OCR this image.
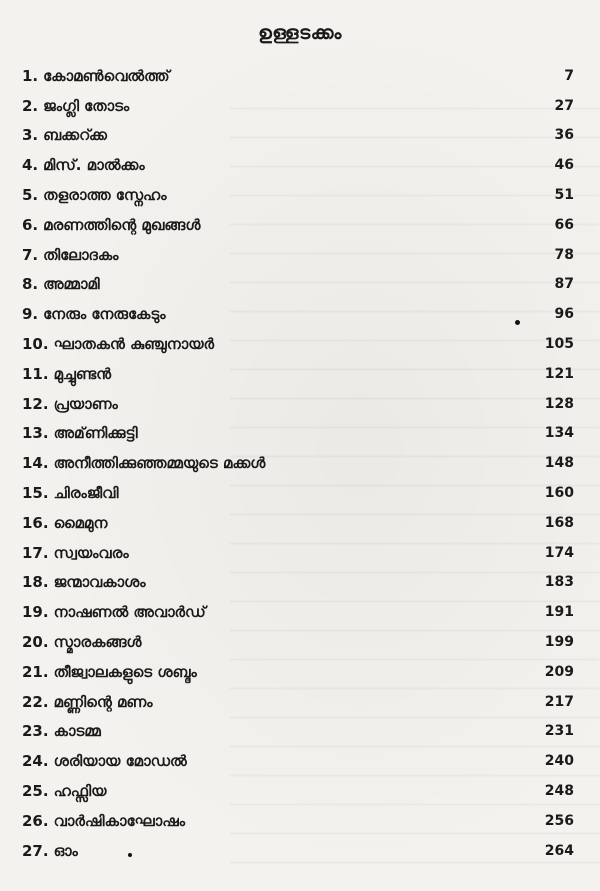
ഉള്ളടക്കം
1. കോമൺവെൽത്ത്	7
2. ജംഗ്ലി തോടം	27
3. ബക്കറ്ക്ക	36
4. മിസ്. മാൽക്കം	46
5. തളരാത്ത സ്നേഹം	51
6. മരണത്തിന്റെ മുഖങ്ങൾ	66
7. തിലോദകം	78
8. അമ്മാമി	87
9. നേരും നേരുകേടും	96
10. ഘാതകൻ കുഞ്ചുനായർ	105
11. മുച്ചുണ്ടൻ	121
12. പ്രയാണം	128
13. അമ്‌ണിക്കുട്ടി	134
14. അനീത്തിക്കുഞ്ഞമ്മയുടെ മക്കൾ	148
15. ചിരംജീവി	160
16. മൈമുന	168
17. സ്വയംവരം	174
18. ജന്മാവകാശം	183
19. നാഷണൽ അവാർഡ്	191
20. സ്മാരകങ്ങൾ	199
21. തീജ്വാലകളുടെ ശബ്ദം	209
22. മണ്ണിന്റെ മണം	217
23. കാടമ്മ	231
24. ശരിയായ മോഡൽ	240
25. ഹഫ്സിയ	248
26. വാർഷികാഘോഷം	256
27. ഓം	264
